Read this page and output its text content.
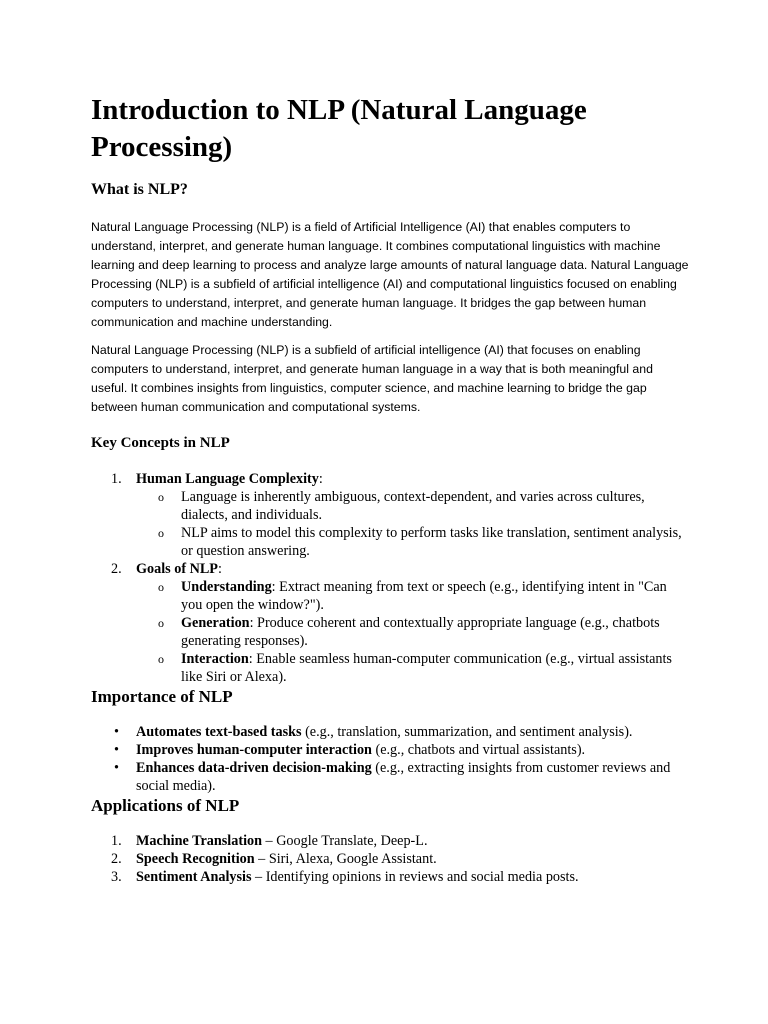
Introduction to NLP (Natural Language Processing)
What is NLP?

Natural Language Processing (NLP) is a field of Artificial Intelligence (AI) that enables computers to understand, interpret, and generate human language. It combines computational linguistics with machine learning and deep learning to process and analyze large amounts of natural language data. Natural Language Processing (NLP) is a subfield of artificial intelligence (AI) and computational linguistics focused on enabling computers to understand, interpret, and generate human language. It bridges the gap between human communication and machine understanding.

Natural Language Processing (NLP) is a subfield of artificial intelligence (AI) that focuses on enabling computers to understand, interpret, and generate human language in a way that is both meaningful and useful. It combines insights from linguistics, computer science, and machine learning to bridge the gap between human communication and computational systems.

Key Concepts in NLP
1.	Human Language Complexity:
o Language is inherently ambiguous, context-dependent, and varies across cultures, dialects, and individuals.
o NLP aims to model this complexity to perform tasks like translation, sentiment analysis, or question answering.
2.	Goals of NLP:
o Understanding: Extract meaning from text or speech (e.g., identifying intent in "Can you open the window?").
o Generation: Produce coherent and contextually appropriate language (e.g., chatbots generating responses).
o Interaction: Enable seamless human-computer communication (e.g., virtual assistants like Siri or Alexa).
Importance of NLP
• Automates text-based tasks (e.g., translation, summarization, and sentiment analysis).
• Improves human-computer interaction (e.g., chatbots and virtual assistants).
• Enhances data-driven decision-making (e.g., extracting insights from customer reviews and social media).
Applications of NLP
1.	Machine Translation – Google Translate, Deep-L.
2.	Speech Recognition – Siri, Alexa, Google Assistant.
3.	Sentiment Analysis – Identifying opinions in reviews and social media posts.
